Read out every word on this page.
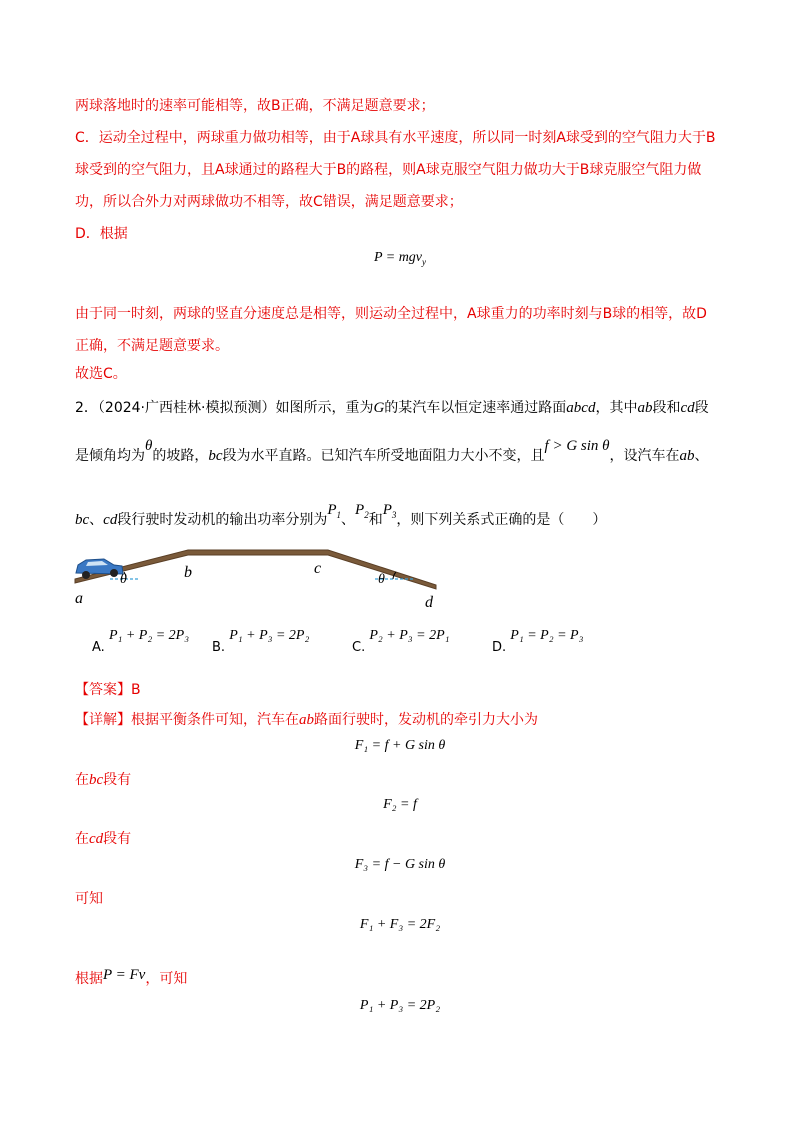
两球落地时的速率可能相等，故B正确，不满足题意要求；
C．运动全过程中，两球重力做功相等，由于A球具有水平速度，所以同一时刻A球受到的空气阻力大于B
球受到的空气阻力，且A球通过的路程大于B的路程，则A球克服空气阻力做功大于B球克服空气阻力做
功，所以合外力对两球做功不相等，故C错误，满足题意要求；
D．根据
P = mgv$_y$
由于同一时刻，两球的竖直分速度总是相等，则运动全过程中，A球重力的功率时刻与B球的相等，故D
正确，不满足题意要求。
故选C。
2．（2024·广西桂林·模拟预测）如图所示，重为G的某汽车以恒定速率通过路面abcd，其中ab段和cd段
是倾角均为θ的坡路，bc段为水平直路。已知汽车所受地面阻力大小不变，且f > G sin θ，设汽车在ab、
bc、cd段行驶时发动机的输出功率分别为$P_1$、$P_2$和$P_3$，则下列关系式正确的是（　　）
θ	θ
a
b	c
d
A. P₁ + P₂ = 2P₃
B. P₁ + P₃ = 2P₂
C. P₂ + P₃ = 2P₁
D. P₁ = P₂ = P₃
【答案】B
【详解】根据平衡条件可知，汽车在ab路面行驶时，发动机的牵引力大小为
F₁ = f + G sin θ
在bc段有
F₂ = f
在cd段有
F₃ = f − G sin θ
可知
F₁ + F₃ = 2F₂
根据P = Fv，可知
P₁ + P₃ = 2P₂
